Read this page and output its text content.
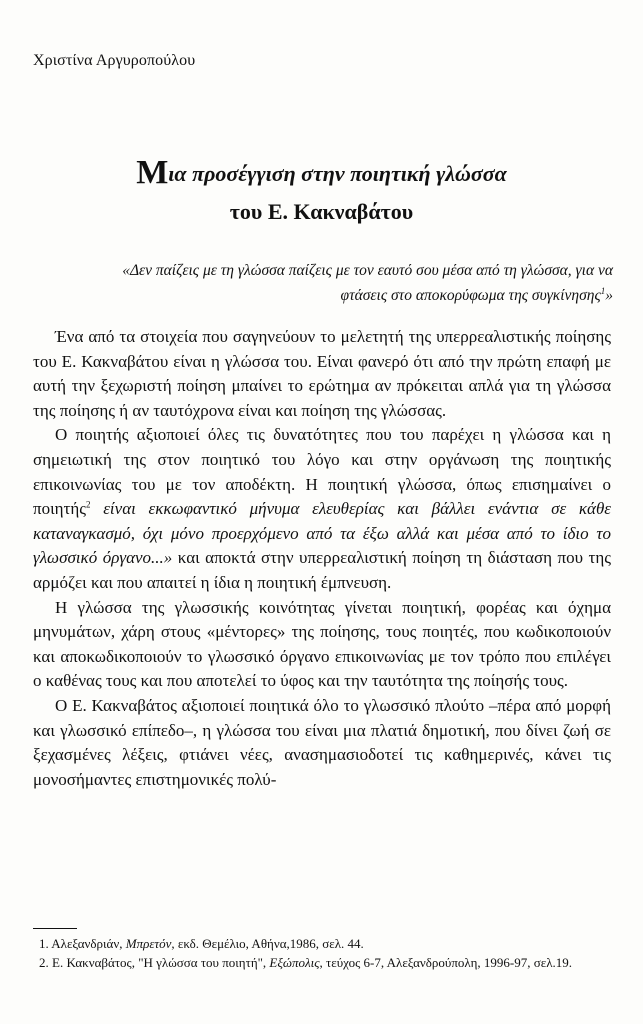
Χριστίνα Αργυροπούλου
Μια προσέγγιση στην ποιητική γλώσσα
του Ε. Κακναβάτου
«Δεν παίζεις με τη γλώσσα παίζεις με τον εαυτό σου μέσα από τη γλώσσα, για να φτάσεις στο αποκορύφωμα της συγκίνησης$^1$»

Ένα από τα στοιχεία που σαγηνεύουν το μελετητή της υπερρεαλιστικής ποίησης του Ε. Κακναβάτου είναι η γλώσσα του. Είναι φανερό ότι από την πρώτη επαφή με αυτή την ξεχωριστή ποίηση μπαίνει το ερώτημα αν πρόκειται απλά για τη γλώσσα της ποίησης ή αν ταυτόχρονα είναι και ποίηση της γλώσσας.

Ο ποιητής αξιοποιεί όλες τις δυνατότητες που του παρέχει η γλώσσα και η σημειωτική της στον ποιητικό του λόγο και στην οργάνωση της ποιητικής επικοινωνίας του με τον αποδέκτη. Η ποιητική γλώσσα, όπως επισημαίνει ο ποιητής$^2$ είναι εκκωφαντικό μήνυμα ελευθερίας και βάλλει ενάντια σε κάθε καταναγκασμό, όχι μόνο προερχόμενο από τα έξω αλλά και μέσα από το ίδιο το γλωσσικό όργανο...» και αποκτά στην υπερρεαλιστική ποίηση τη διάσταση που της αρμόζει και που απαιτεί η ίδια η ποιητική έμπνευση.

Η γλώσσα της γλωσσικής κοινότητας γίνεται ποιητική, φορέας και όχημα μηνυμάτων, χάρη στους «μέντορες» της ποίησης, τους ποιητές, που κωδικοποιούν και αποκωδικοποιούν το γλωσσικό όργανο επικοινωνίας με τον τρόπο που επιλέγει ο καθένας τους και που αποτελεί το ύφος και την ταυτότητα της ποίησής τους.

Ο Ε. Κακναβάτος αξιοποιεί ποιητικά όλο το γλωσσικό πλούτο –πέρα από μορφή και γλωσσικό επίπεδο–, η γλώσσα του είναι μια πλατιά δημοτική, που δίνει ζωή σε ξεχασμένες λέξεις, φτιάνει νέες, ανασημασιοδοτεί τις καθημερινές, κάνει τις μονοσήμαντες επιστημονικές πολύ-

1. Αλεξανδριάν, Μπρετόν, εκδ. Θεμέλιο, Αθήνα,1986, σελ. 44.

2. Ε. Κακναβάτος, "Η γλώσσα του ποιητή", Εξώπολις, τεύχος 6-7, Αλεξανδρούπολη, 1996-97, σελ.19.
